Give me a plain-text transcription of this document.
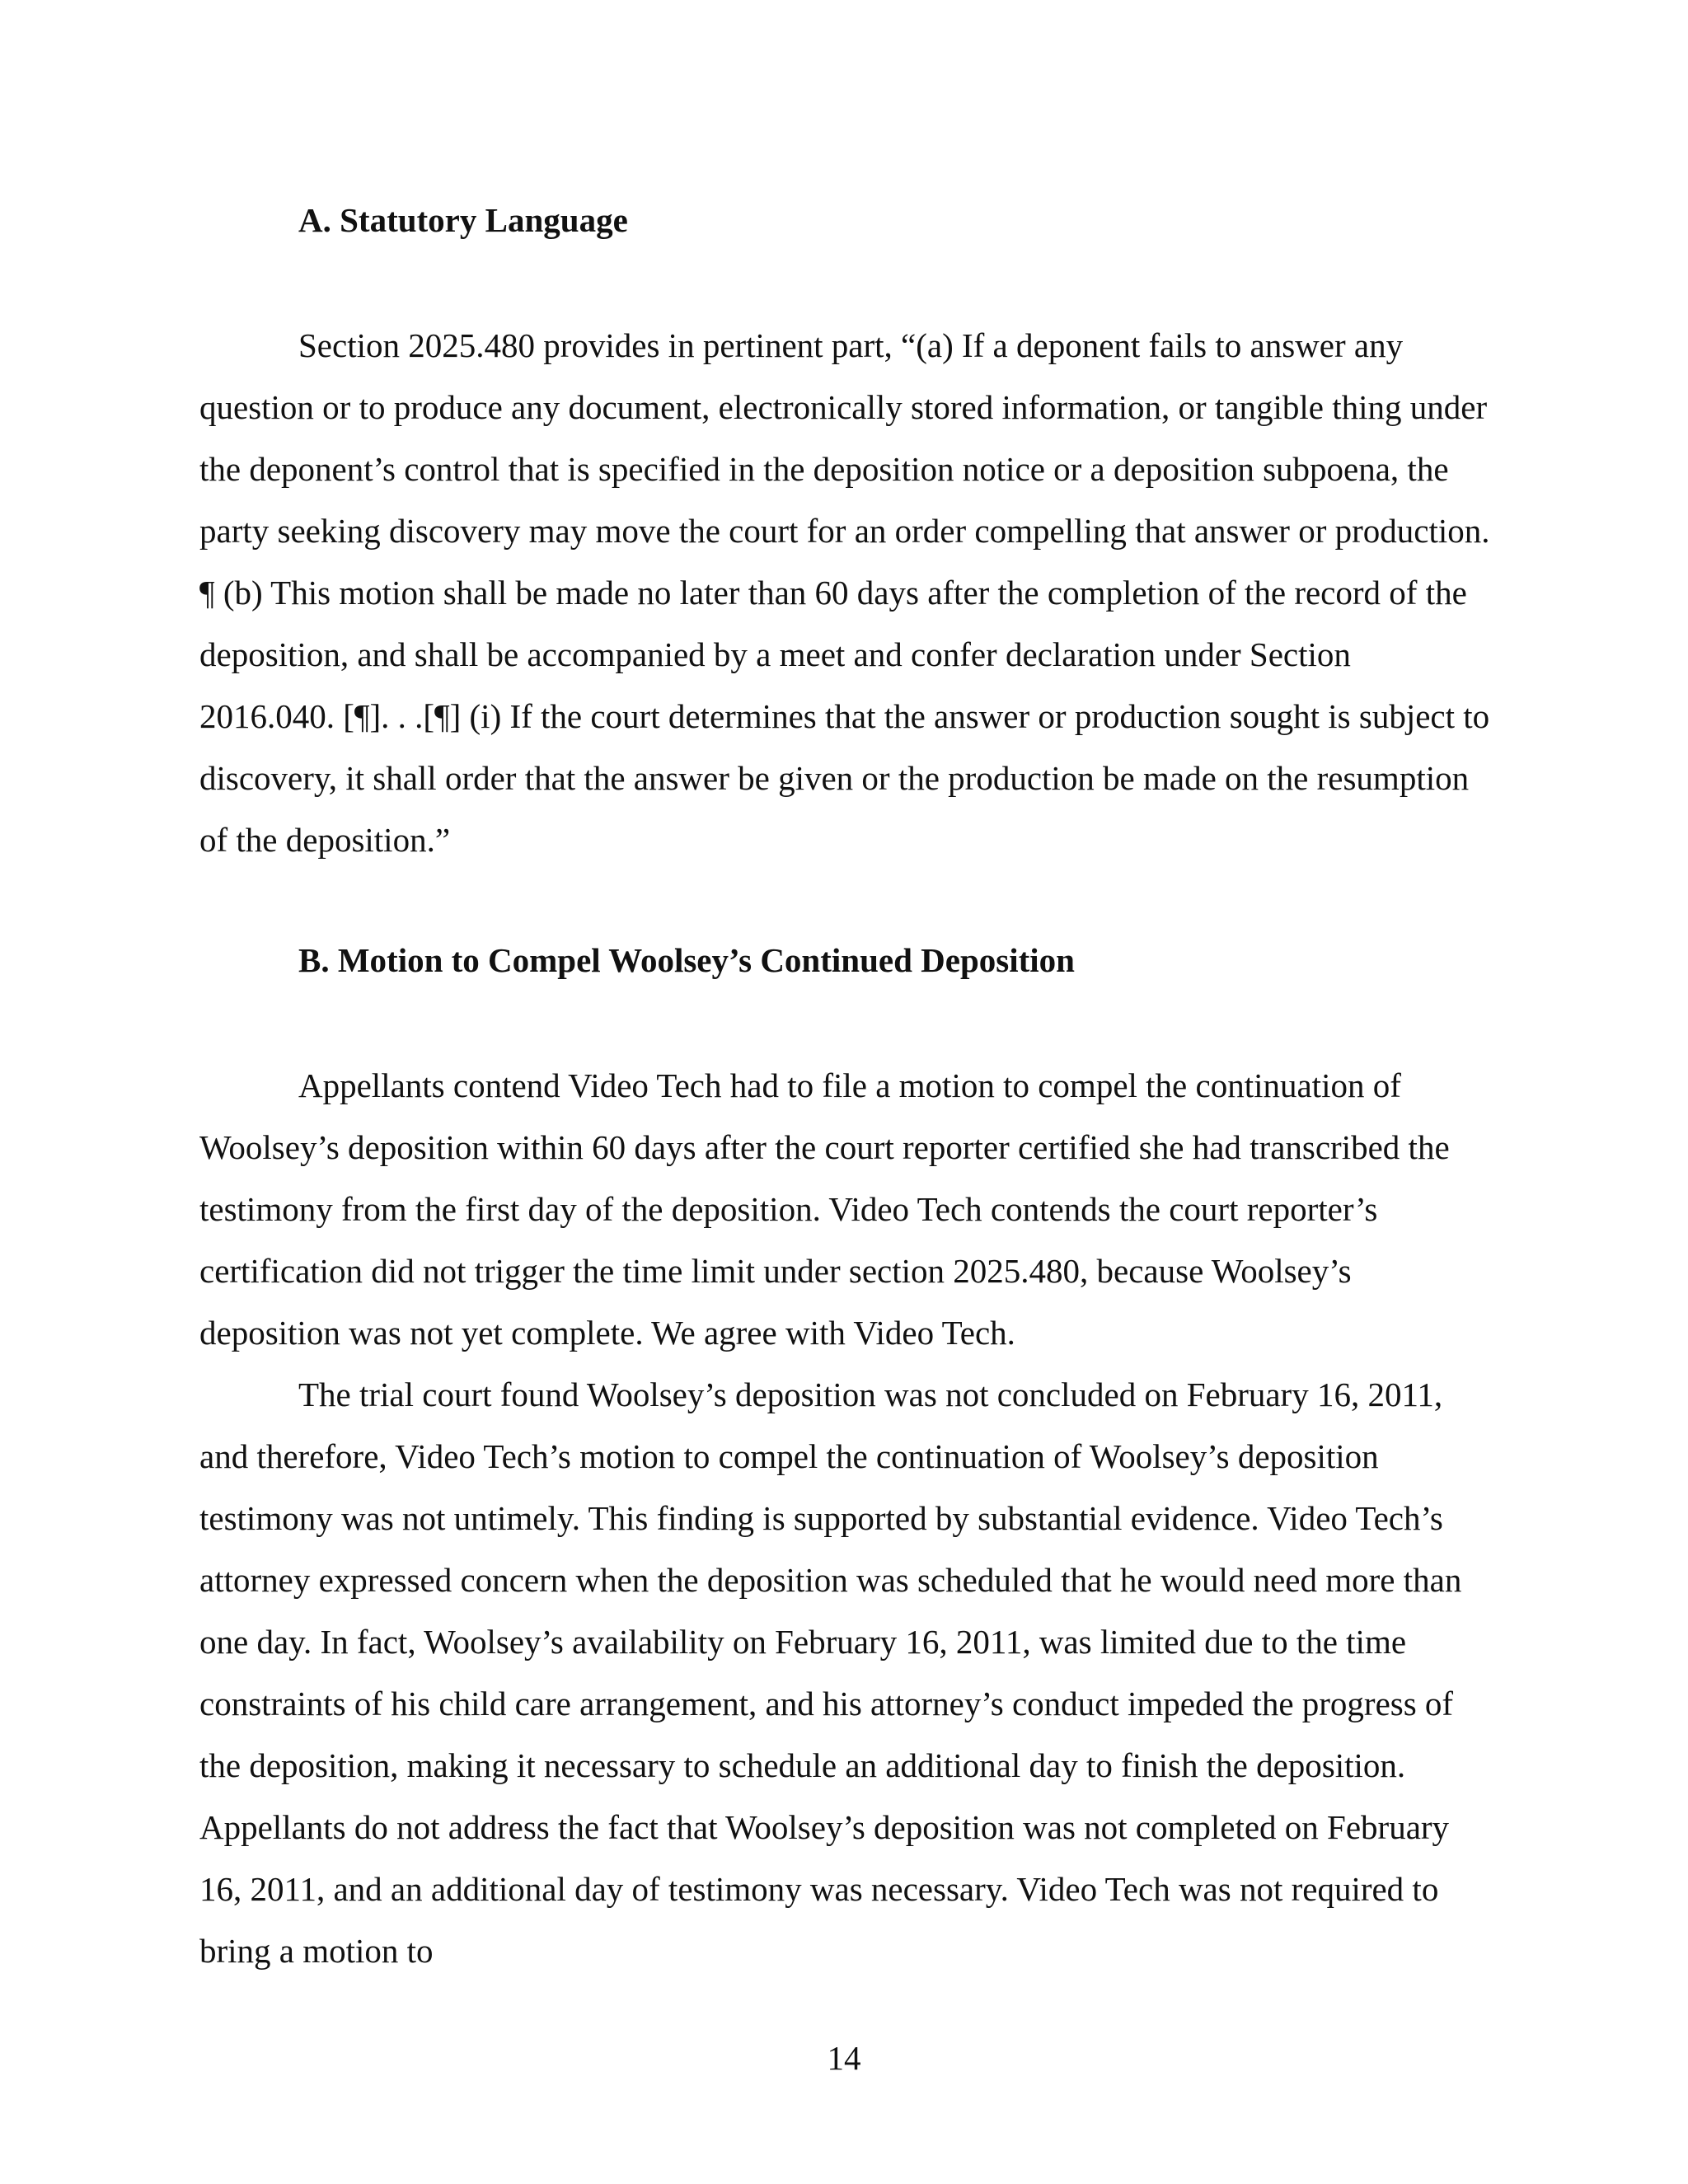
A. Statutory Language

Section 2025.480 provides in pertinent part, “(a) If a deponent fails to answer any question or to produce any document, electronically stored information, or tangible thing under the deponent’s control that is specified in the deposition notice or a deposition subpoena, the party seeking discovery may move the court for an order compelling that answer or production. ¶ (b) This motion shall be made no later than 60 days after the completion of the record of the deposition, and shall be accompanied by a meet and confer declaration under Section 2016.040. [¶]. . .[¶] (i) If the court determines that the answer or production sought is subject to discovery, it shall order that the answer be given or the production be made on the resumption of the deposition.”

B. Motion to Compel Woolsey’s Continued Deposition

Appellants contend Video Tech had to file a motion to compel the continuation of Woolsey’s deposition within 60 days after the court reporter certified she had transcribed the testimony from the first day of the deposition. Video Tech contends the court reporter’s certification did not trigger the time limit under section 2025.480, because Woolsey’s deposition was not yet complete. We agree with Video Tech.

The trial court found Woolsey’s deposition was not concluded on February 16, 2011, and therefore, Video Tech’s motion to compel the continuation of Woolsey’s deposition testimony was not untimely. This finding is supported by substantial evidence. Video Tech’s attorney expressed concern when the deposition was scheduled that he would need more than one day. In fact, Woolsey’s availability on February 16, 2011, was limited due to the time constraints of his child care arrangement, and his attorney’s conduct impeded the progress of the deposition, making it necessary to schedule an additional day to finish the deposition. Appellants do not address the fact that Woolsey’s deposition was not completed on February 16, 2011, and an additional day of testimony was necessary. Video Tech was not required to bring a motion to

14
